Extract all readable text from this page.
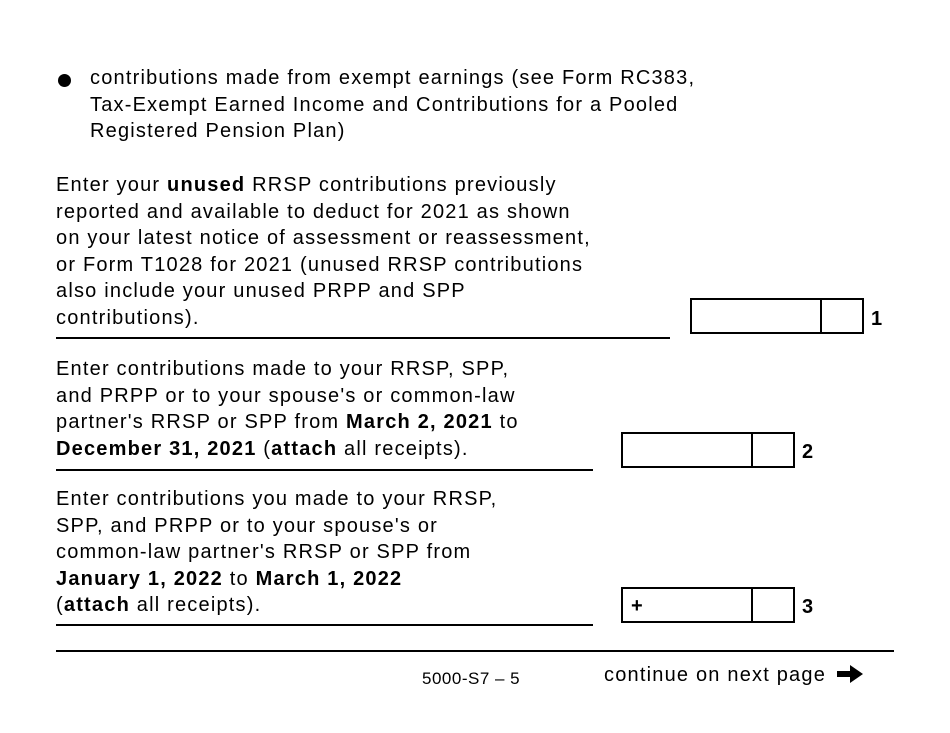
contributions made from exempt earnings (see Form RC383,

Tax-Exempt Earned Income and Contributions for a Pooled

Registered Pension Plan)

Enter your unused RRSP contributions previously

reported and available to deduct for 2021 as shown

on your latest notice of assessment or reassessment,

or Form T1028 for 2021 (unused RRSP contributions

also include your unused PRPP and SPP

contributions).	1

Enter contributions made to your RRSP, SPP,

and PRPP or to your spouse's or common-law

partner's RRSP or SPP from March 2, 2021 to

December 31, 2021 (attach all receipts).	2

Enter contributions you made to your RRSP,

SPP, and PRPP or to your spouse's or

common-law partner's RRSP or SPP from

January 1, 2022 to March 1, 2022

(attach all receipts).	+	3
5000-S7 – 5	continue on next page
